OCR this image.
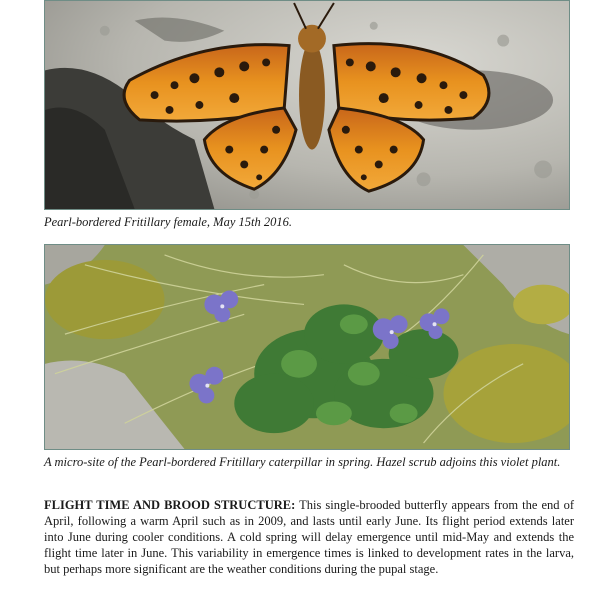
Pearl-bordered Fritillary female, May 15th 2016.

A micro-site of the Pearl-bordered Fritillary caterpillar in spring. Hazel scrub adjoins this violet plant.

FLIGHT TIME AND BROOD STRUCTURE: This single-brooded butterfly appears from the end of April, following a warm April such as in 2009, and lasts until early June. Its flight period extends later into June during cooler conditions. A cold spring will delay emergence until mid-May and extends the flight time later in June. This variability in emergence times is linked to development rates in the larva, but perhaps more significant are the weather conditions during the pupal stage.
